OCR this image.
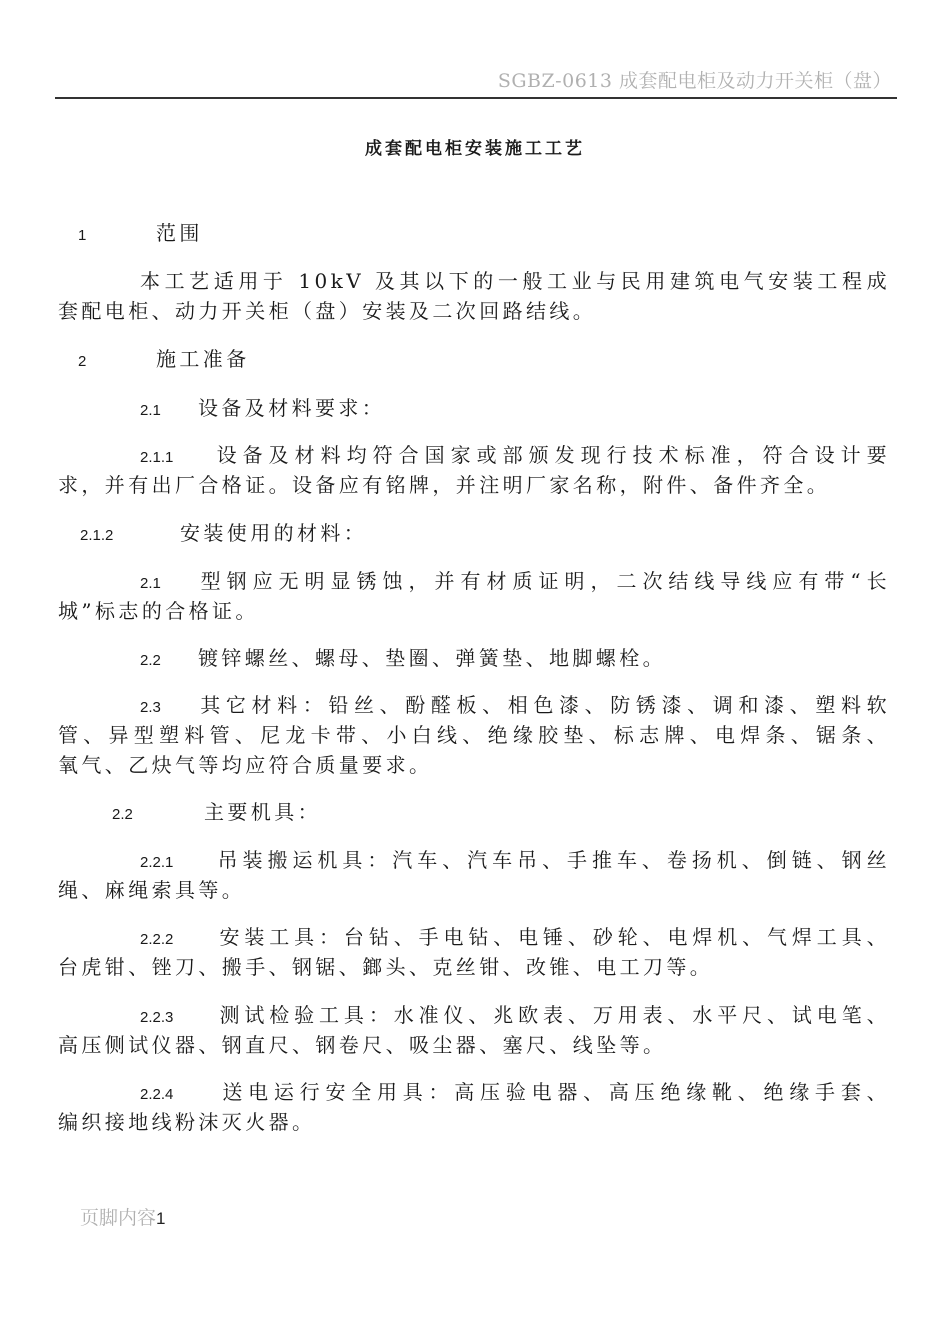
SGBZ-0613 成套配电柜及动力开关柜（盘）
成套配电柜安装施工工艺
1	范围
本工艺适用于 10kV 及其以下的一般工业与民用建筑电气安装工程成
套配电柜、动力开关柜（盘）安装及二次回路结线。
2	施工准备
2.1 设备及材料要求：
2.1.1 设备及材料均符合国家或部颁发现行技术标准，符合设计要
求，并有出厂合格证。设备应有铭牌，并注明厂家名称，附件、备件齐全。
2.1.2	安装使用的材料：
2.1 型钢应无明显锈蚀，并有材质证明，二次结线导线应有带“长
城”标志的合格证。
2.2 镀锌螺丝、螺母、垫圈、弹簧垫、地脚螺栓。
2.3 其它材料：铅丝、酚醛板、相色漆、防锈漆、调和漆、塑料软
管、异型塑料管、尼龙卡带、小白线、绝缘胶垫、标志牌、电焊条、锯条、
氧气、乙炔气等均应符合质量要求。
2.2	主要机具：
2.2.1 吊装搬运机具：汽车、汽车吊、手推车、卷扬机、倒链、钢丝
绳、麻绳索具等。
2.2.2 安装工具：台钻、手电钻、电锤、砂轮、电焊机、气焊工具、
台虎钳、锉刀、搬手、钢锯、鎯头、克丝钳、改锥、电工刀等。
2.2.3 测试检验工具：水准仪、兆欧表、万用表、水平尺、试电笔、
高压侧试仪器、钢直尺、钢卷尺、吸尘器、塞尺、线坠等。
2.2.4 送电运行安全用具：高压验电器、高压绝缘靴、绝缘手套、
编织接地线粉沫灭火器。
页脚内容1
